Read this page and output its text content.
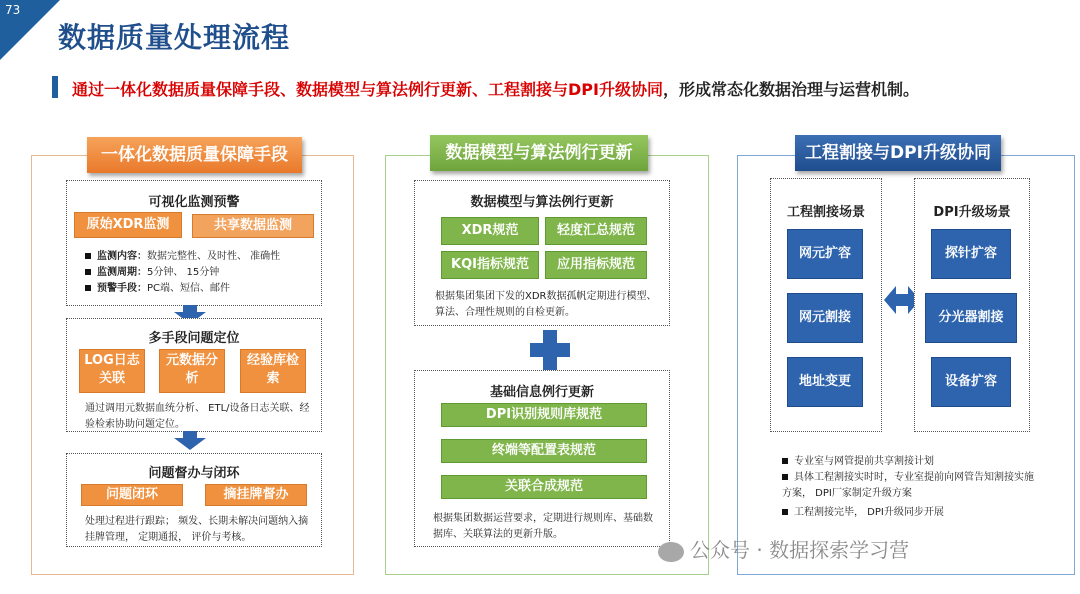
73
数据质量处理流程
通过一体化数据质量保障手段、数据模型与算法例行更新、工程割接与DPI升级协同，形成常态化数据治理与运营机制。
一体化数据质量保障手段	数据模型与算法例行更新	工程割接与DPI升级协同
可视化监测预警
原始XDR监测	共享数据监测
监测内容：数据完整性、及时性、 准确性
监测周期：5分钟、 15分钟
预警手段：PC端、短信、邮件
多手段问题定位
LOG日志关联
元数据分析
经验库检索
通过调用元数据血统分析、 ETL/设备日志关联、经验检索协助问题定位。
问题督办与闭环
问题闭环	摘挂牌督办
处理过程进行跟踪； 频发、长期未解决问题纳入摘挂牌管理， 定期通报， 评价与考核。
数据模型与算法例行更新
XDR规范	轻度汇总规范
KQI指标规范	应用指标规范
根据集团集团下发的XDR数据孤帆定期进行模型、算法、合理性规则的自检更新。
基础信息例行更新
DPI识别规则库规范
终端等配置表规范
关联合成规范
根据集团数据运营要求，定期进行规则库、基础数据库、关联算法的更新升版。
工程割接场景
网元扩容
网元割接
地址变更
DPI升级场景
探针扩容
分光器割接
设备扩容
专业室与网管提前共享割接计划
具体工程割接实时时，专业室提前向网管告知割接实施方案， DPI厂家制定升级方案
工程割接完毕， DPI升级同步开展
公众号 · 数据探索学习营
